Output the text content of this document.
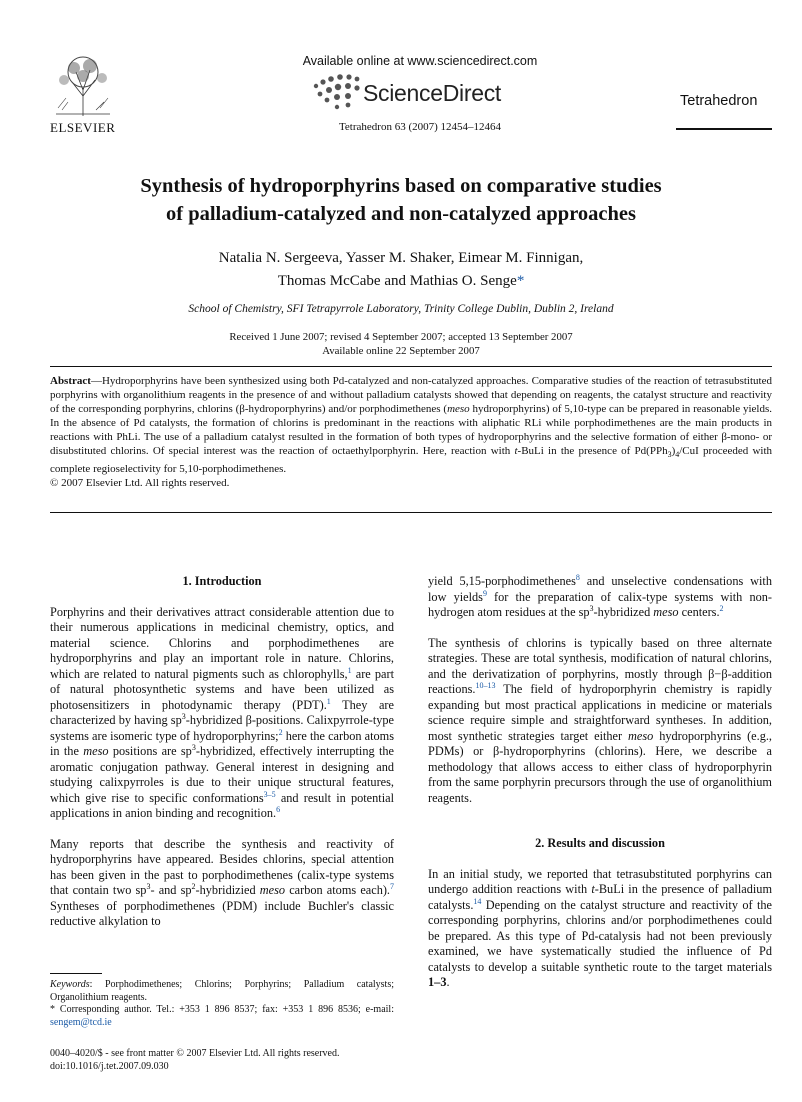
ELSEVIER
Available online at www.sciencedirect.com
ScienceDirect
Tetrahedron 63 (2007) 12454–12464
Tetrahedron
Synthesis of hydroporphyrins based on comparative studies
of palladium-catalyzed and non-catalyzed approaches
Natalia N. Sergeeva, Yasser M. Shaker, Eimear M. Finnigan,
Thomas McCabe and Mathias O. Senge*
School of Chemistry, SFI Tetrapyrrole Laboratory, Trinity College Dublin, Dublin 2, Ireland
Received 1 June 2007; revised 4 September 2007; accepted 13 September 2007
Available online 22 September 2007
Abstract—Hydroporphyrins have been synthesized using both Pd-catalyzed and non-catalyzed approaches. Comparative studies of the reaction of tetrasubstituted porphyrins with organolithium reagents in the presence of and without palladium catalysts showed that depending on reagents, the catalyst structure and reactivity of the corresponding porphyrins, chlorins (β-hydroporphyrins) and/or porphodimethenes (meso hydroporphyrins) of 5,10-type can be prepared in reasonable yields. In the absence of Pd catalysts, the formation of chlorins is predominant in the reactions with aliphatic RLi while porphodimethenes are the main products in reactions with PhLi. The use of a palladium catalyst resulted in the formation of both types of hydroporphyrins and the selective formation of either β-mono- or disubstituted chlorins. Of special interest was the reaction of octaethylporphyrin. Here, reaction with t-BuLi in the presence of $Pd(PPh_3)_4$/CuI proceeded with complete regioselectivity for 5,10-porphodimethenes.
© 2007 Elsevier Ltd. All rights reserved.
1. Introduction

Porphyrins and their derivatives attract considerable attention due to their numerous applications in medicinal chemistry, optics, and material science. Chlorins and porphodimethenes are hydroporphyrins and play an important role in nature. Chlorins, which are related to natural pigments such as chlorophylls,$^1$ are part of natural photosynthetic systems and have been utilized as photosensitizers in photodynamic therapy (PDT).$^1$ They are characterized by having $sp^3$-hybridized β-positions. Calixpyrrole-type systems are isomeric type of hydroporphyrins;$^2$ here the carbon atoms in the meso positions are $sp^3$-hybridized, effectively interrupting the aromatic conjugation pathway. General interest in designing and studying calixpyrroles is due to their unique structural features, which give rise to specific conformations$^{3-5}$ and result in potential applications in anion binding and recognition.$^6$

Many reports that describe the synthesis and reactivity of hydroporphyrins have appeared. Besides chlorins, special attention has been given in the past to porphodimethenes (calix-type systems that contain two $sp^3-$ and $sp^2$-hybridizied meso carbon atoms each).$^7$ Syntheses of porphodimethenes (PDM) include Buchler's classic reductive alkylation to

Keywords: Porphodimethenes; Chlorins; Porphyrins; Palladium catalysts; Organolithium reagents.
* Corresponding author. Tel.: +353 1 896 8537; fax: +353 1 896 8536; e-mail: sengem@tcd.ie
0040–4020/$ - see front matter © 2007 Elsevier Ltd. All rights reserved.
doi:10.1016/j.tet.2007.09.030

yield 5,15-porphodimethenes$^8$ and unselective condensations with low yields$^9$ for the preparation of calix-type systems with non-hydrogen atom residues at the $sp^3$-hybridized meso centers.$^2$

The synthesis of chlorins is typically based on three alternate strategies. These are total synthesis, modification of natural chlorins, and the derivatization of porphyrins, mostly through β−β-addition reactions.$^{10-13}$ The field of hydroporphyrin chemistry is rapidly expanding but most practical applications in medicine or materials science require simple and straightforward syntheses. In addition, most synthetic strategies target either meso hydroporphyrins (e.g., PDMs) or β-hydroporphyrins (chlorins). Here, we describe a methodology that allows access to either class of hydroporphyrin from the same porphyrin precursors through the use of organolithium reagents.

2. Results and discussion

In an initial study, we reported that tetrasubstituted porphyrins can undergo addition reactions with t-BuLi in the presence of palladium catalysts.$^{14}$ Depending on the catalyst structure and reactivity of the corresponding porphyrins, chlorins and/or porphodimethenes could be prepared. As this type of Pd-catalysis had not been previously examined, we have systematically studied the influence of Pd catalysts to develop a suitable synthetic route to the target materials 1–3.
